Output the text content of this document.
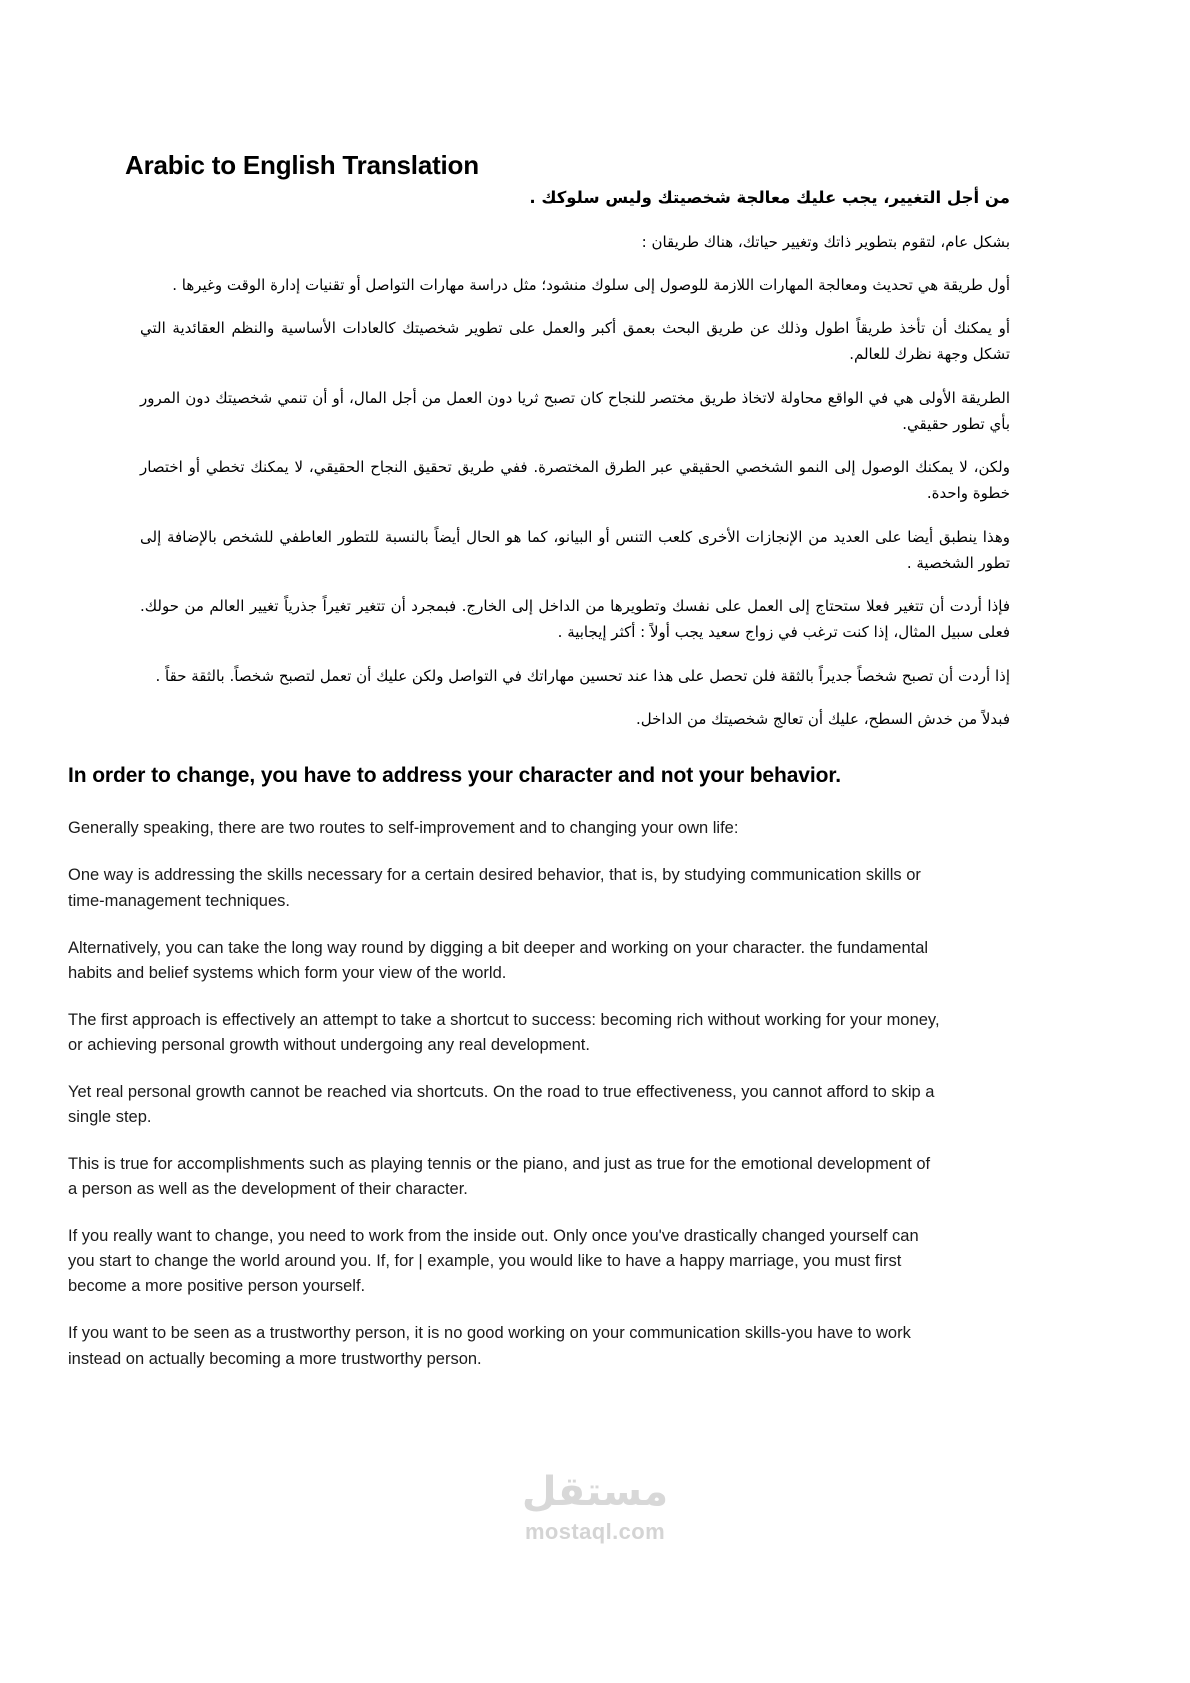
Arabic to English Translation

من أجل التغيير، يجب عليك معالجة شخصيتك وليس سلوكك .

بشكل عام، لتقوم بتطوير ذاتك وتغيير حياتك، هناك طريقان :

أول طريقة هي تحديث ومعالجة المهارات اللازمة للوصول إلى سلوك منشود؛ مثل دراسة مهارات التواصل أو تقنيات إدارة الوقت وغيرها .

أو يمكنك أن تأخذ طريقاً اطول وذلك عن طريق البحث بعمق أكبر والعمل على تطوير شخصيتك كالعادات الأساسية والنظم العقائدية التي تشكل وجهة نظرك للعالم.

الطريقة الأولى هي في الواقع محاولة لاتخاذ طريق مختصر للنجاح كان تصبح ثريا دون العمل من أجل المال، أو أن تنمي شخصيتك دون المرور بأي تطور حقيقي.

ولكن، لا يمكنك الوصول إلى النمو الشخصي الحقيقي عبر الطرق المختصرة. ففي طريق تحقيق النجاح الحقيقي، لا يمكنك تخطي أو اختصار خطوة واحدة.

وهذا ينطبق أيضا على العديد من الإنجازات الأخرى كلعب التنس أو البيانو، كما هو الحال أيضاً بالنسبة للتطور العاطفي للشخص بالإضافة إلى تطور الشخصية .

فإذا أردت أن تتغير فعلا ستحتاج إلى العمل على نفسك وتطويرها من الداخل إلى الخارج. فبمجرد أن تتغير تغيراً جذرياً تغيير العالم من حولك. فعلى سبيل المثال، إذا كنت ترغب في زواج سعيد يجب أولاً : أكثر إيجابية .

إذا أردت أن تصبح شخصاً جديراً بالثقة فلن تحصل على هذا عند تحسين مهاراتك في التواصل ولكن عليك أن تعمل لتصبح شخصاً. بالثقة حقاً .

فبدلاً من خدش السطح، عليك أن تعالج شخصيتك من الداخل.

In order to change, you have to address your character and not your behavior.

Generally speaking, there are two routes to self-improvement and to changing your own life:

One way is addressing the skills necessary for a certain desired behavior, that is, by studying communication skills or time-management techniques.

Alternatively, you can take the long way round by digging a bit deeper and working on your character. the fundamental habits and belief systems which form your view of the world.

The first approach is effectively an attempt to take a shortcut to success: becoming rich without working for your money, or achieving personal growth without undergoing any real development.

Yet real personal growth cannot be reached via shortcuts. On the road to true effectiveness, you cannot afford to skip a single step.

This is true for accomplishments such as playing tennis or the piano, and just as true for the emotional development of a person as well as the development of their character.

If you really want to change, you need to work from the inside out. Only once you've drastically changed yourself can you start to change the world around you. If, for | example, you would like to have a happy marriage, you must first become a more positive person yourself.

If you want to be seen as a trustworthy person, it is no good working on your communication skills-you have to work instead on actually becoming a more trustworthy person.

مستقل
mostaql.com
